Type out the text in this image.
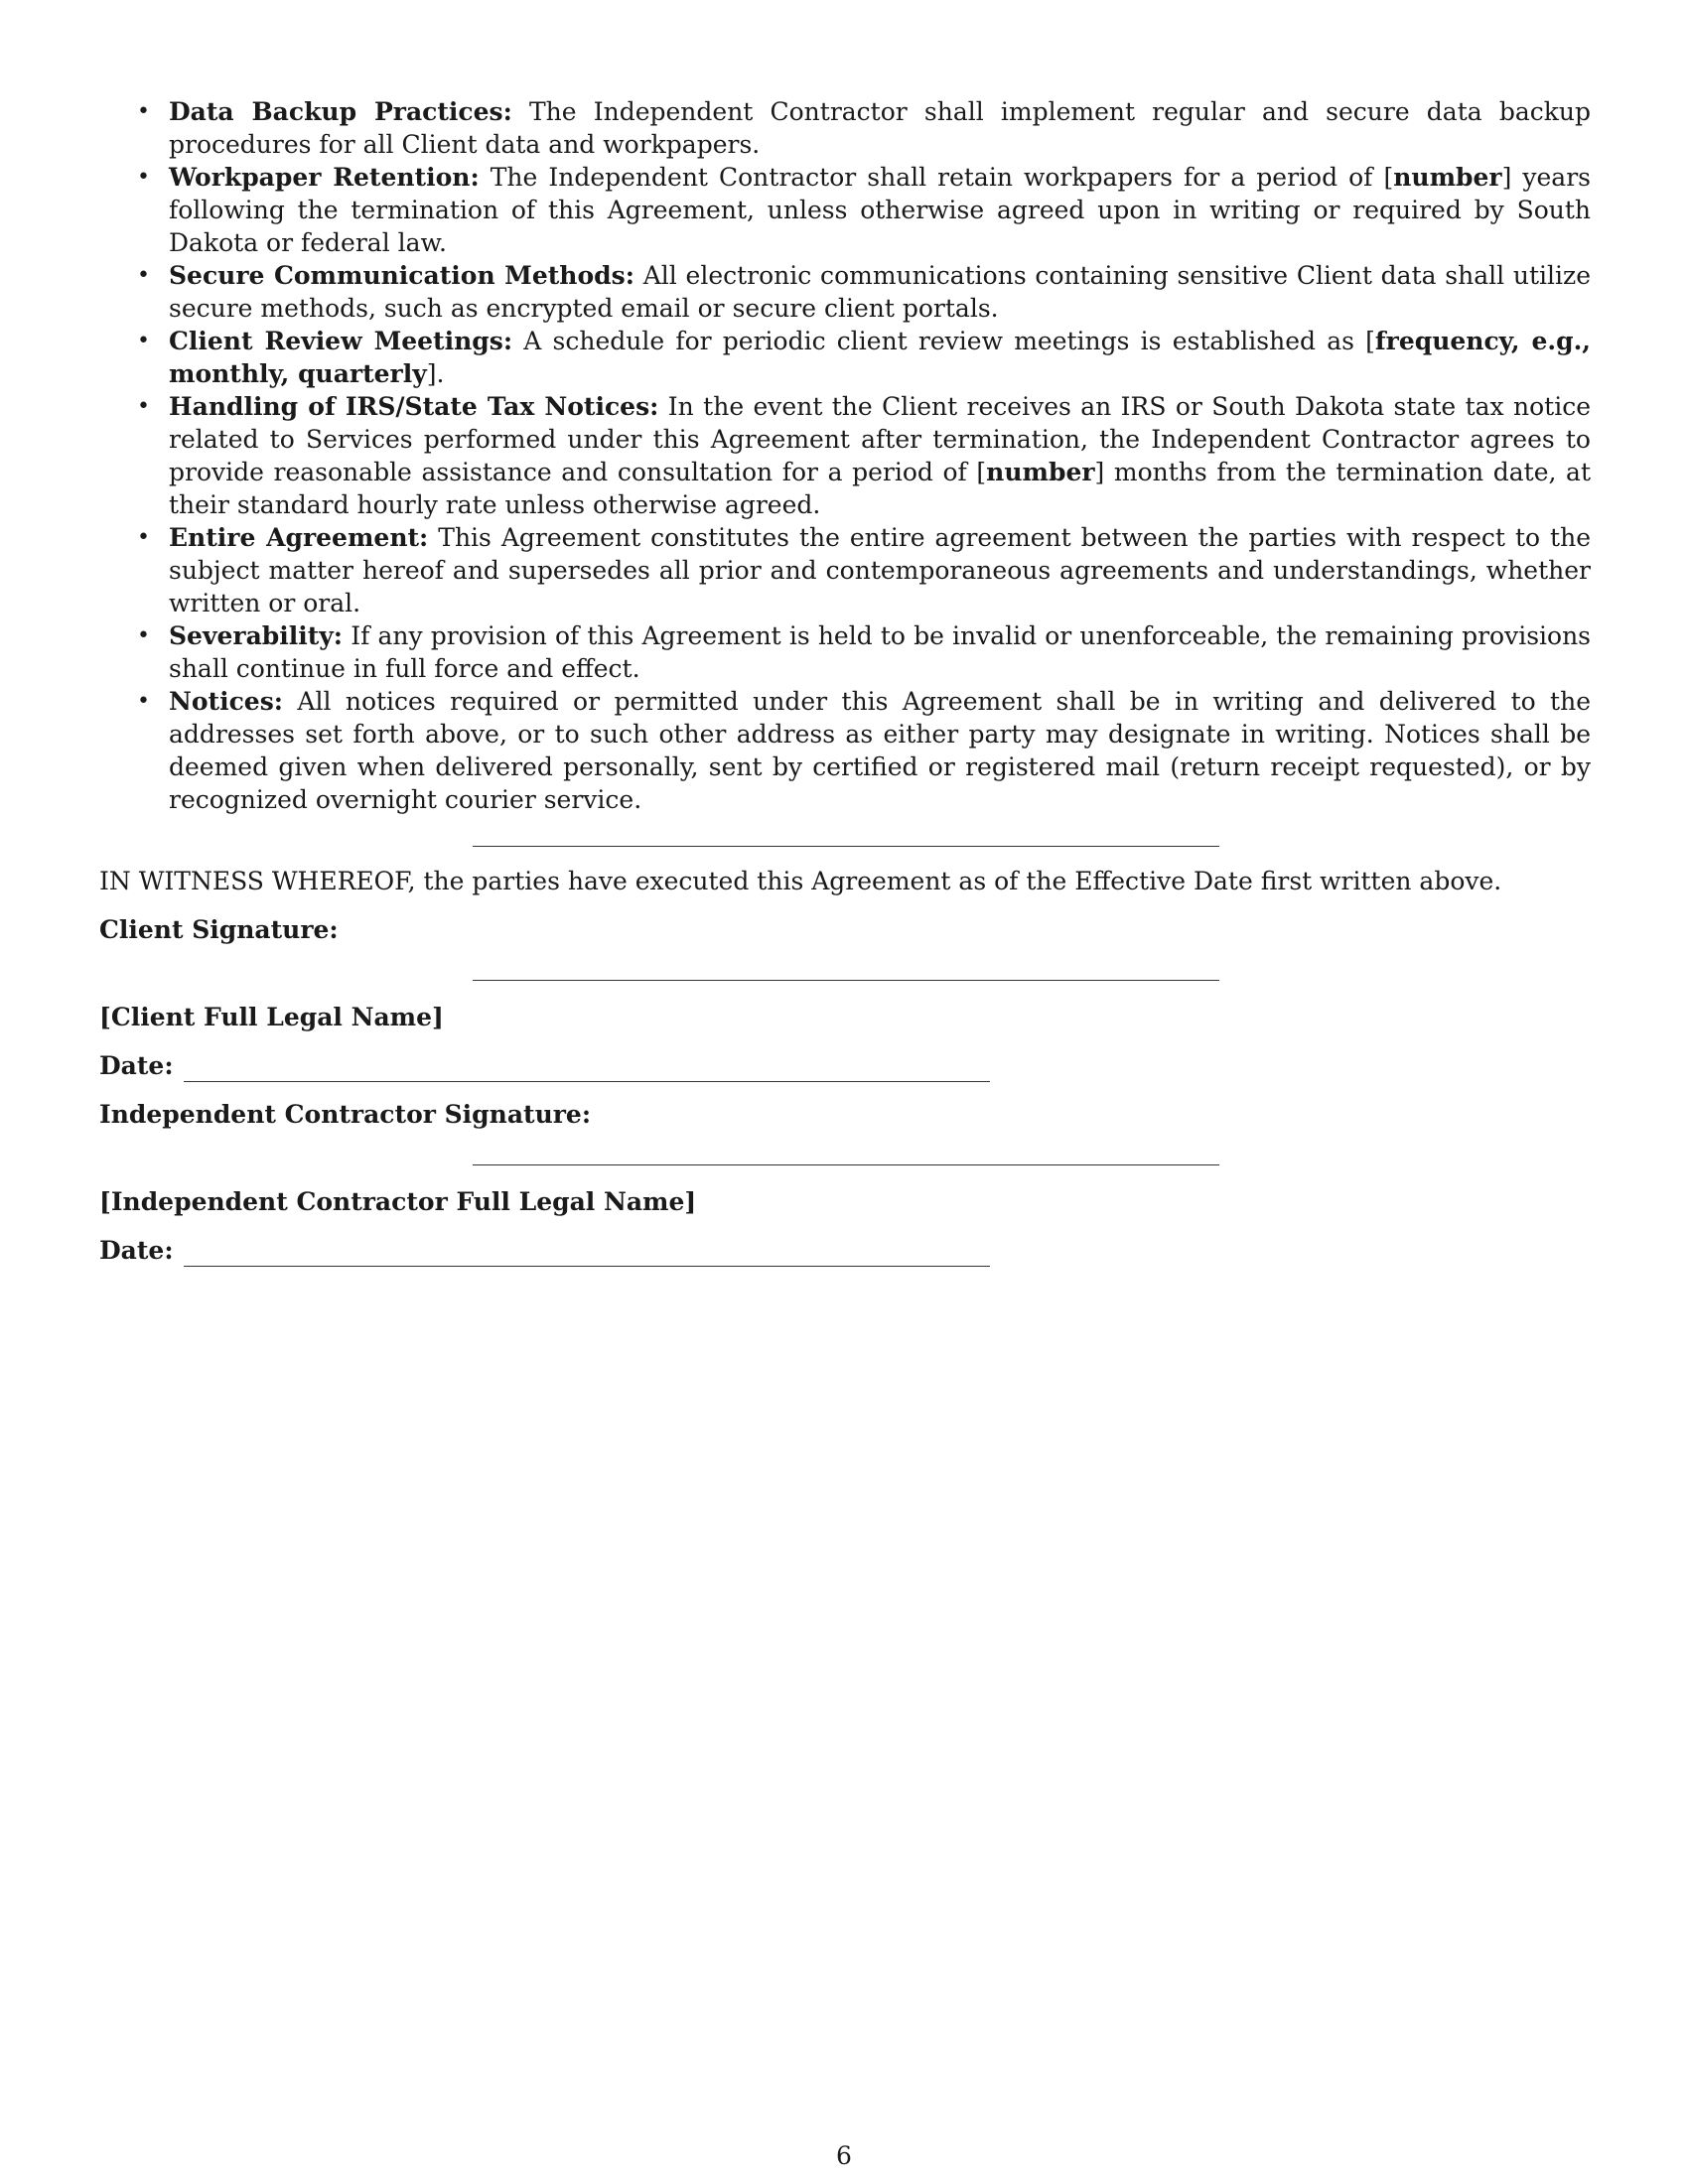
• Data Backup Practices: The Independent Contractor shall implement regular and secure data backup procedures for all Client data and workpapers.
• Workpaper Retention: The Independent Contractor shall retain workpapers for a period of [number] years following the termination of this Agreement, unless otherwise agreed upon in writing or required by South Dakota or federal law.
• Secure Communication Methods: All electronic communications containing sensitive Client data shall utilize secure methods, such as encrypted email or secure client portals.
• Client Review Meetings: A schedule for periodic client review meetings is established as [frequency, e.g., monthly, quarterly].
• Handling of IRS/State Tax Notices: In the event the Client receives an IRS or South Dakota state tax notice related to Services performed under this Agreement after termination, the Independent Contractor agrees to provide reasonable assistance and consultation for a period of [number] months from the termination date, at their standard hourly rate unless otherwise agreed.
• Entire Agreement: This Agreement constitutes the entire agreement between the parties with respect to the subject matter hereof and supersedes all prior and contemporaneous agreements and understandings, whether written or oral.
• Severability: If any provision of this Agreement is held to be invalid or unenforceable, the remaining provisions shall continue in full force and effect.
• Notices: All notices required or permitted under this Agreement shall be in writing and delivered to the addresses set forth above, or to such other address as either party may designate in writing. Notices shall be deemed given when delivered personally, sent by certified or registered mail (return receipt requested), or by recognized overnight courier service.
IN WITNESS WHEREOF, the parties have executed this Agreement as of the Effective Date first written above.
Client Signature:
[Client Full Legal Name]
Date:
Independent Contractor Signature:
[Independent Contractor Full Legal Name]
Date:
6
